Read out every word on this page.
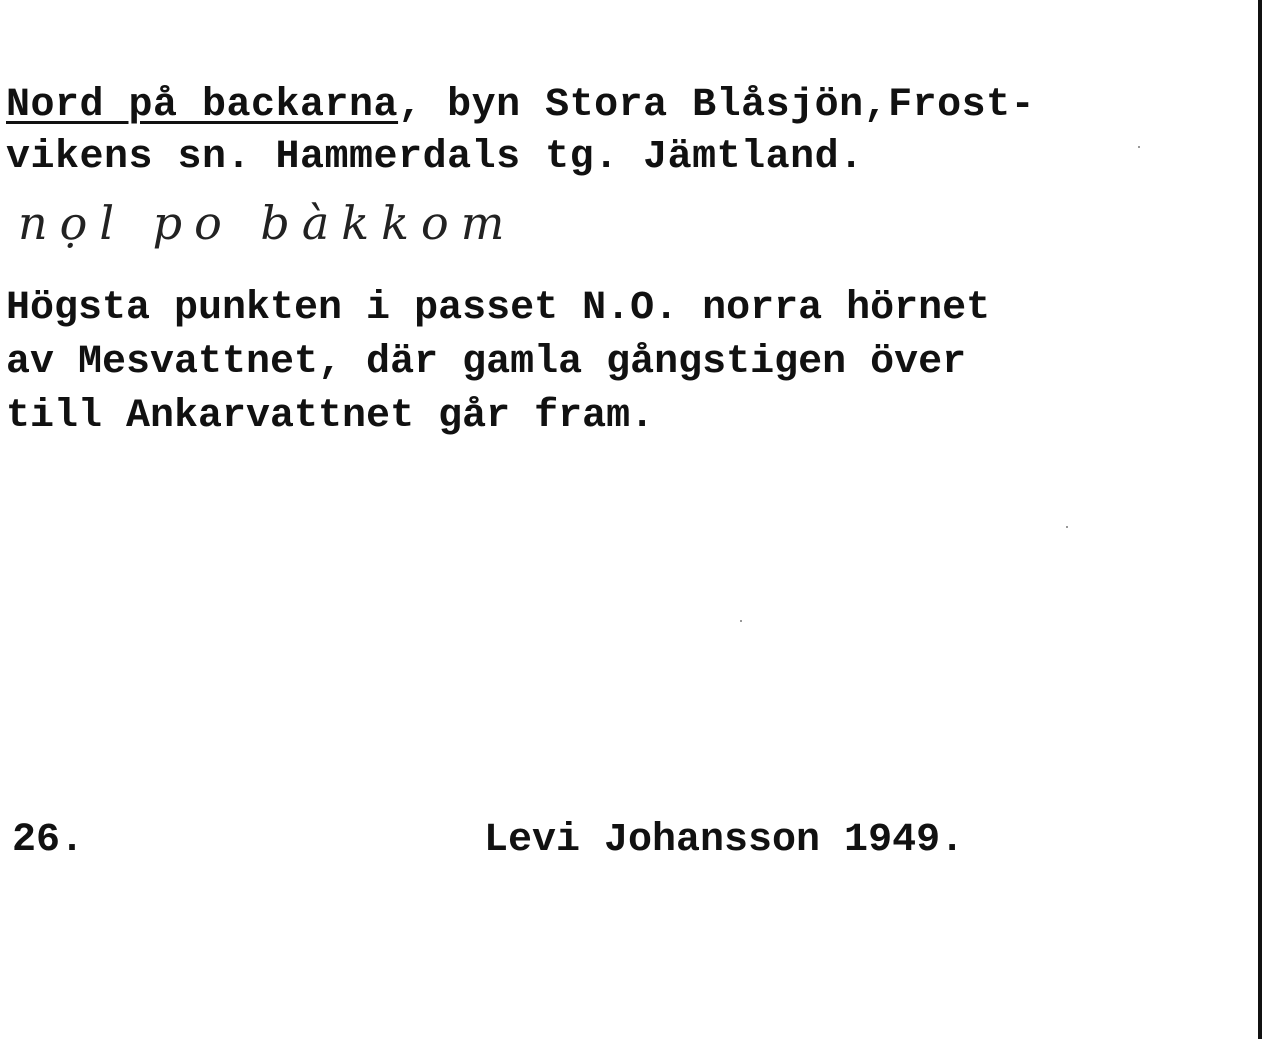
Nord på backarna, byn Stora Blåsjön,Frost-
vikens sn. Hammerdals tg. Jämtland.
nọl po bàkkom
Högsta punkten i passet N.O. norra hörnet
av Mesvattnet, där gamla gångstigen över
till Ankarvattnet går fram.
26.	Levi Johansson 1949.
